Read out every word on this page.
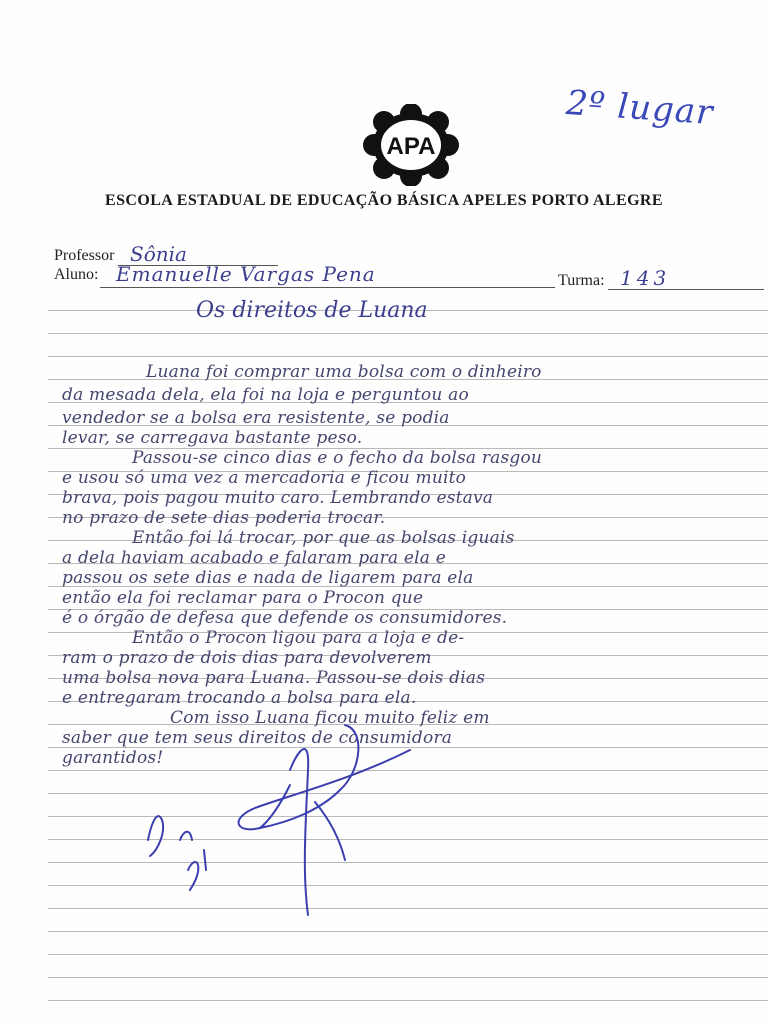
2º lugar
APA
ESCOLA ESTADUAL DE EDUCAÇÃO BÁSICA APELES PORTO ALEGRE
Professor Sônia
Aluno: Emanuelle Vargas Pena	Turma: 143
Os direitos de Luana
Luana foi comprar uma bolsa com o dinheiro
da mesada dela, ela foi na loja e perguntou ao
vendedor se a bolsa era resistente, se podia
levar, se carregava bastante peso.
Passou-se cinco dias e o fecho da bolsa rasgou
e usou só uma vez a mercadoria e ficou muito
brava, pois pagou muito caro. Lembrando estava
no prazo de sete dias poderia trocar.
Então foi lá trocar, por que as bolsas iguais
a dela haviam acabado e falaram para ela e
passou os sete dias e nada de ligarem para ela
então ela foi reclamar para o Procon que
é o órgão de defesa que defende os consumidores.
Então o Procon ligou para a loja e de-
ram o prazo de dois dias para devolverem
uma bolsa nova para Luana. Passou-se dois dias
e entregaram trocando a bolsa para ela.
Com isso Luana ficou muito feliz em
saber que tem seus direitos de consumidora
garantidos!
